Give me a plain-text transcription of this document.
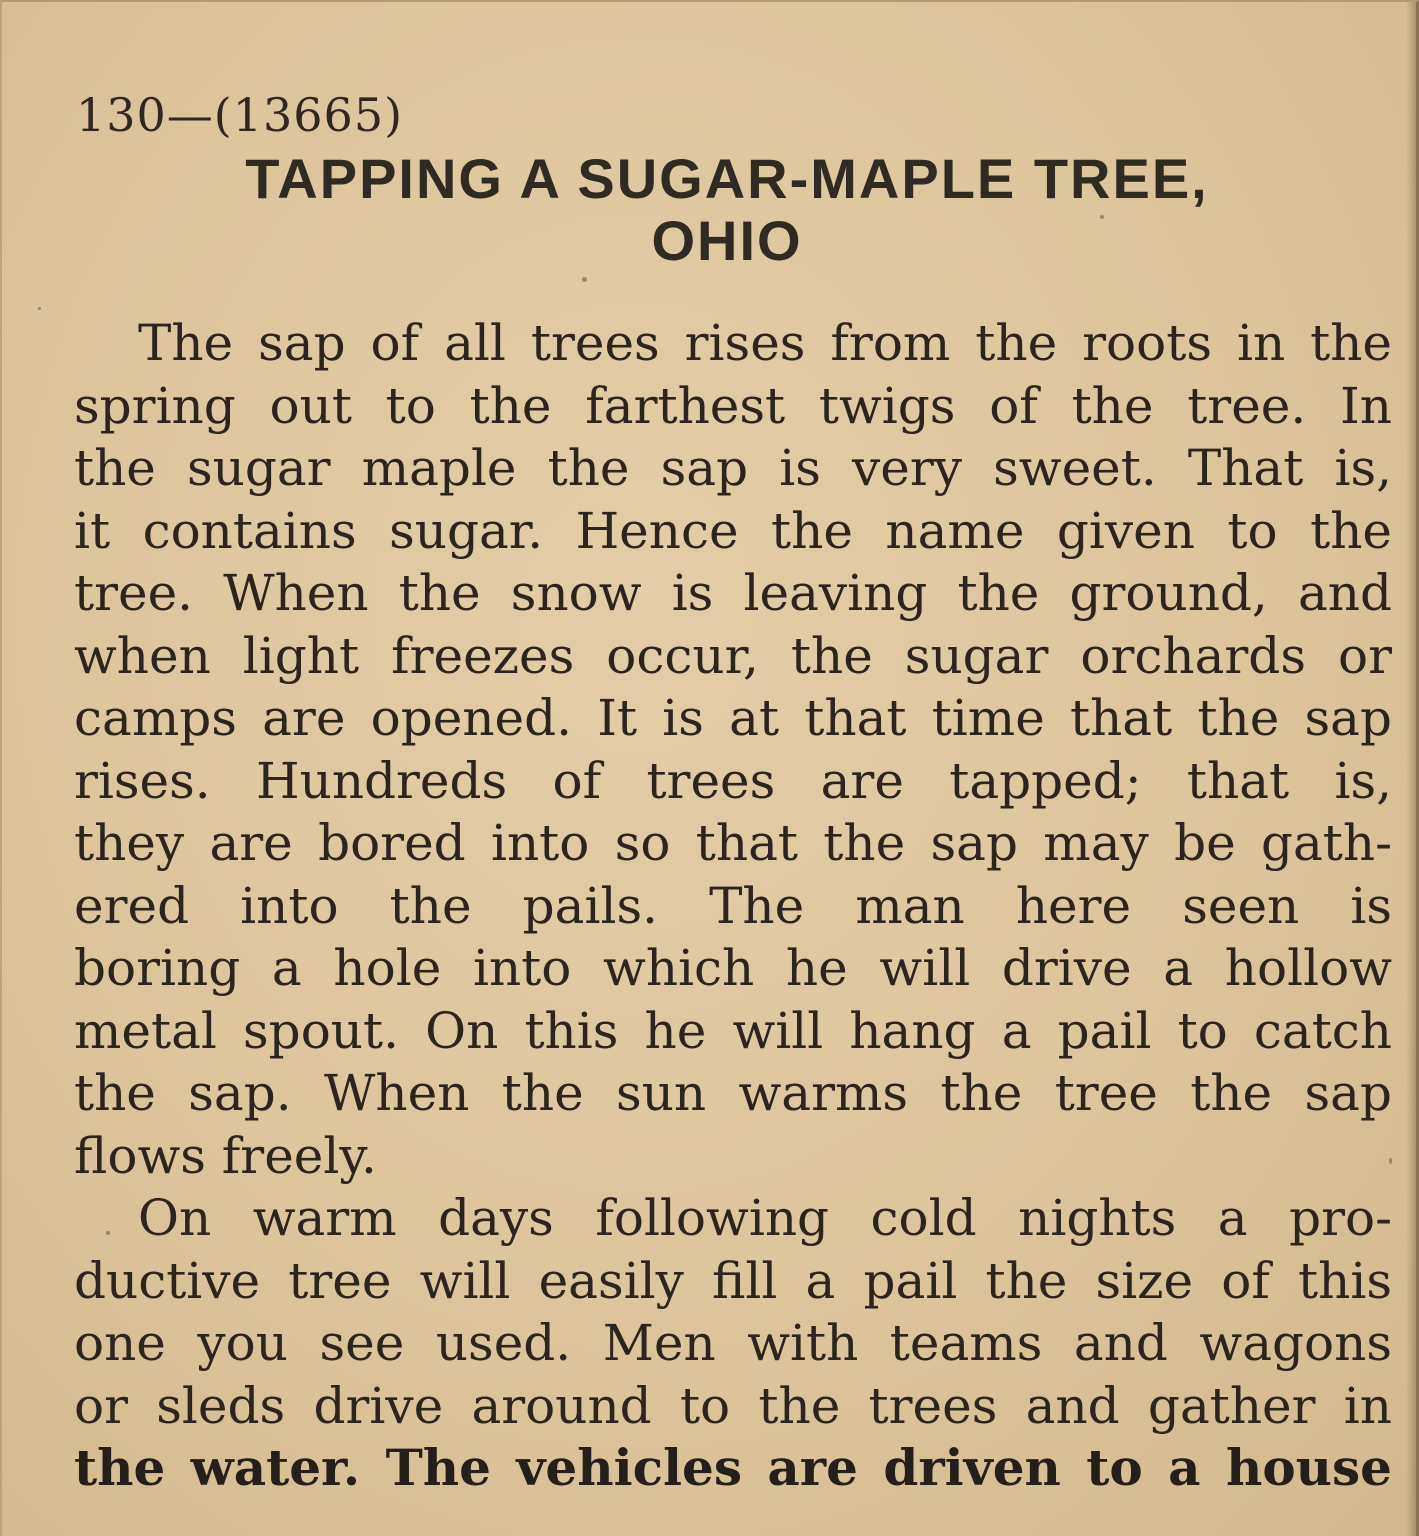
130—(13665)
TAPPING A SUGAR-MAPLE TREE,
OHIO
The sap of all trees rises from the roots in the
spring out to the farthest twigs of the tree. In
the sugar maple the sap is very sweet. That is,
it contains sugar. Hence the name given to the
tree. When the snow is leaving the ground, and
when light freezes occur, the sugar orchards or
camps are opened. It is at that time that the sap
rises. Hundreds of trees are tapped; that is,
they are bored into so that the sap may be gath-
ered into the pails. The man here seen is
boring a hole into which he will drive a hollow
metal spout. On this he will hang a pail to catch
the sap. When the sun warms the tree the sap
flows freely.
On warm days following cold nights a pro-
ductive tree will easily fill a pail the size of this
one you see used. Men with teams and wagons
or sleds drive around to the trees and gather in
the water. The vehicles are driven to a house
